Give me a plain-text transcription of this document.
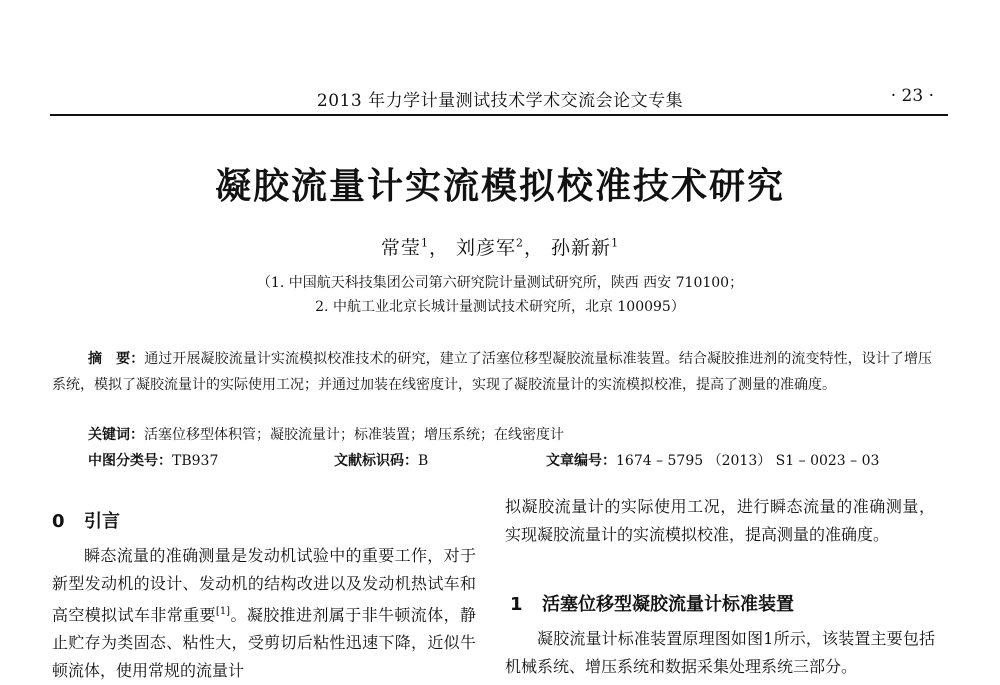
2013 年力学计量测试技术学术交流会论文专集	· 23 ·
凝胶流量计实流模拟校准技术研究
常莹$^1$， 刘彦军$^2$， 孙新新$^1$
（1. 中国航天科技集团公司第六研究院计量测试研究所，陕西 西安 710100；
2. 中航工业北京长城计量测试技术研究所，北京 100095）
摘　要：通过开展凝胶流量计实流模拟校准技术的研究，建立了活塞位移型凝胶流量标准装置。结合凝胶推进剂的流变特性，设计了增压系统，模拟了凝胶流量计的实际使用工况；并通过加装在线密度计，实现了凝胶流量计的实流模拟校准，提高了测量的准确度。
关键词：活塞位移型体积管；凝胶流量计；标准装置；增压系统；在线密度计
中图分类号：TB937	文献标识码：B	文章编号：1674 – 5795 （2013） S1 – 0023 – 03
0 引言
瞬态流量的准确测量是发动机试验中的重要工作，对于新型发动机的设计、发动机的结构改进以及发动机热试车和高空模拟试车非常重要[1]。凝胶推进剂属于非牛顿流体，静止贮存为类固态、粘性大，受剪切后粘性迅速下降，近似牛顿流体，使用常规的流量计
拟凝胶流量计的实际使用工况，进行瞬态流量的准确测量，实现凝胶流量计的实流模拟校准，提高测量的准确度。
1 活塞位移型凝胶流量计标准装置
凝胶流量计标准装置原理图如图1所示，该装置主要包括机械系统、增压系统和数据采集处理系统三部分。
